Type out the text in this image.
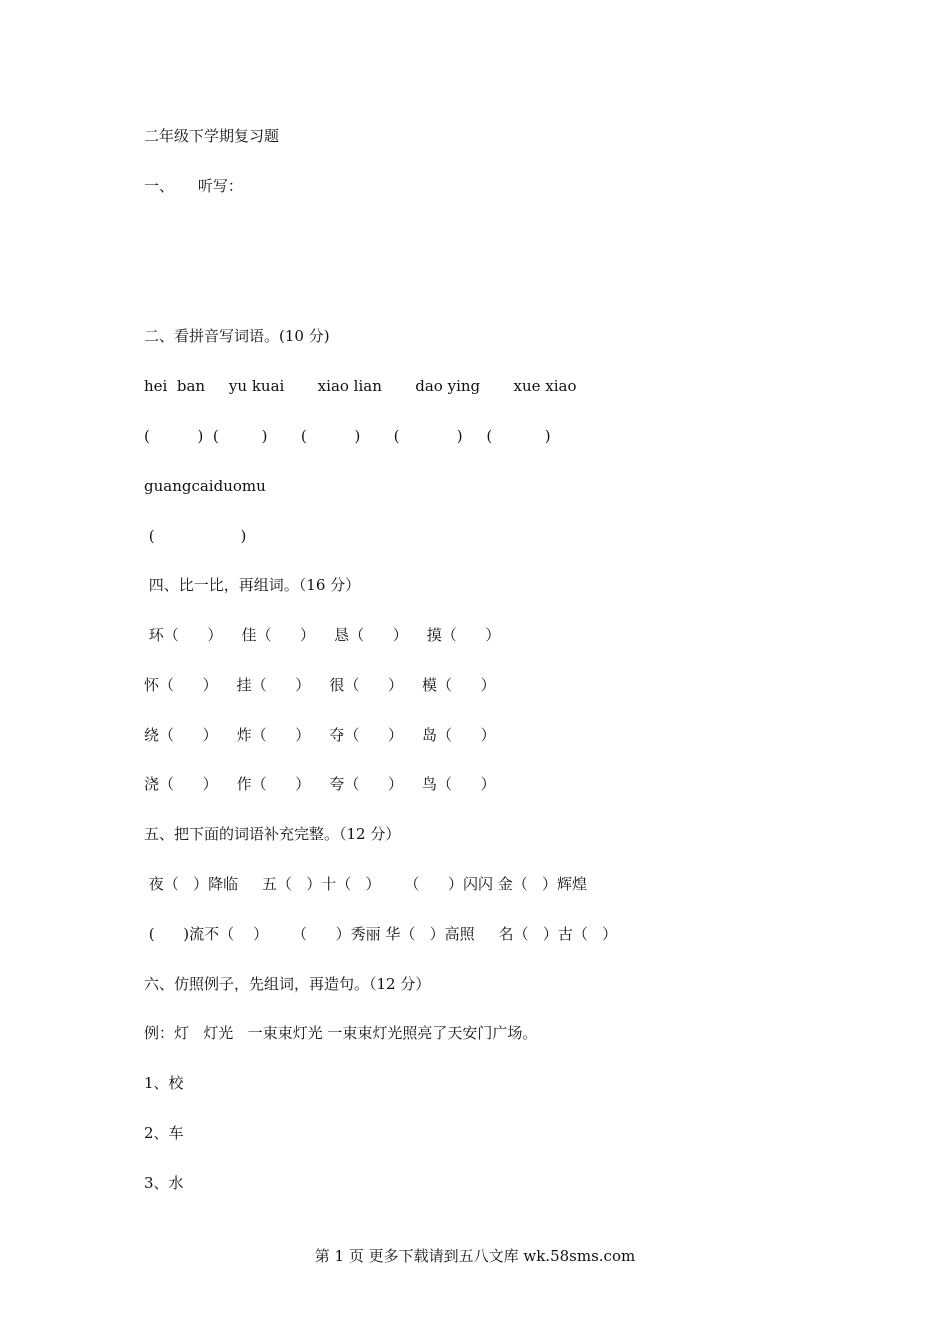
二年级下学期复习题
一、     听写：
二、看拼音写词语。(10 分)
hei  ban     yu kuai       xiao lian       dao ying       xue xiao
(          )  (         )       (          )       (            )     (           )
guangcaiduomu
(                  )
四、比一比，再组词。（16 分）
环（      ）    佳（      ）    恳（      ）    摸（      ）
怀（      ）    挂（      ）    很（      ）    模（      ）
绕（      ）    炸（      ）    夺（      ）    岛（      ）
浇（      ）    作（      ）    夸（      ）    鸟（      ）
五、把下面的词语补充完整。（12 分）
夜（   ）降临     五（   ）十（   ）     （      ）闪闪 金（   ）辉煌
(      )流不（    ）     （      ）秀丽 华（   ）高照     名（   ）古（   ）
六、仿照例子，先组词，再造句。（12 分）
例：灯   灯光   一束束灯光 一束束灯光照亮了天安门广场。
1、校
2、车
3、水
第 1 页 更多下载请到五八文库 wk.58sms.com
